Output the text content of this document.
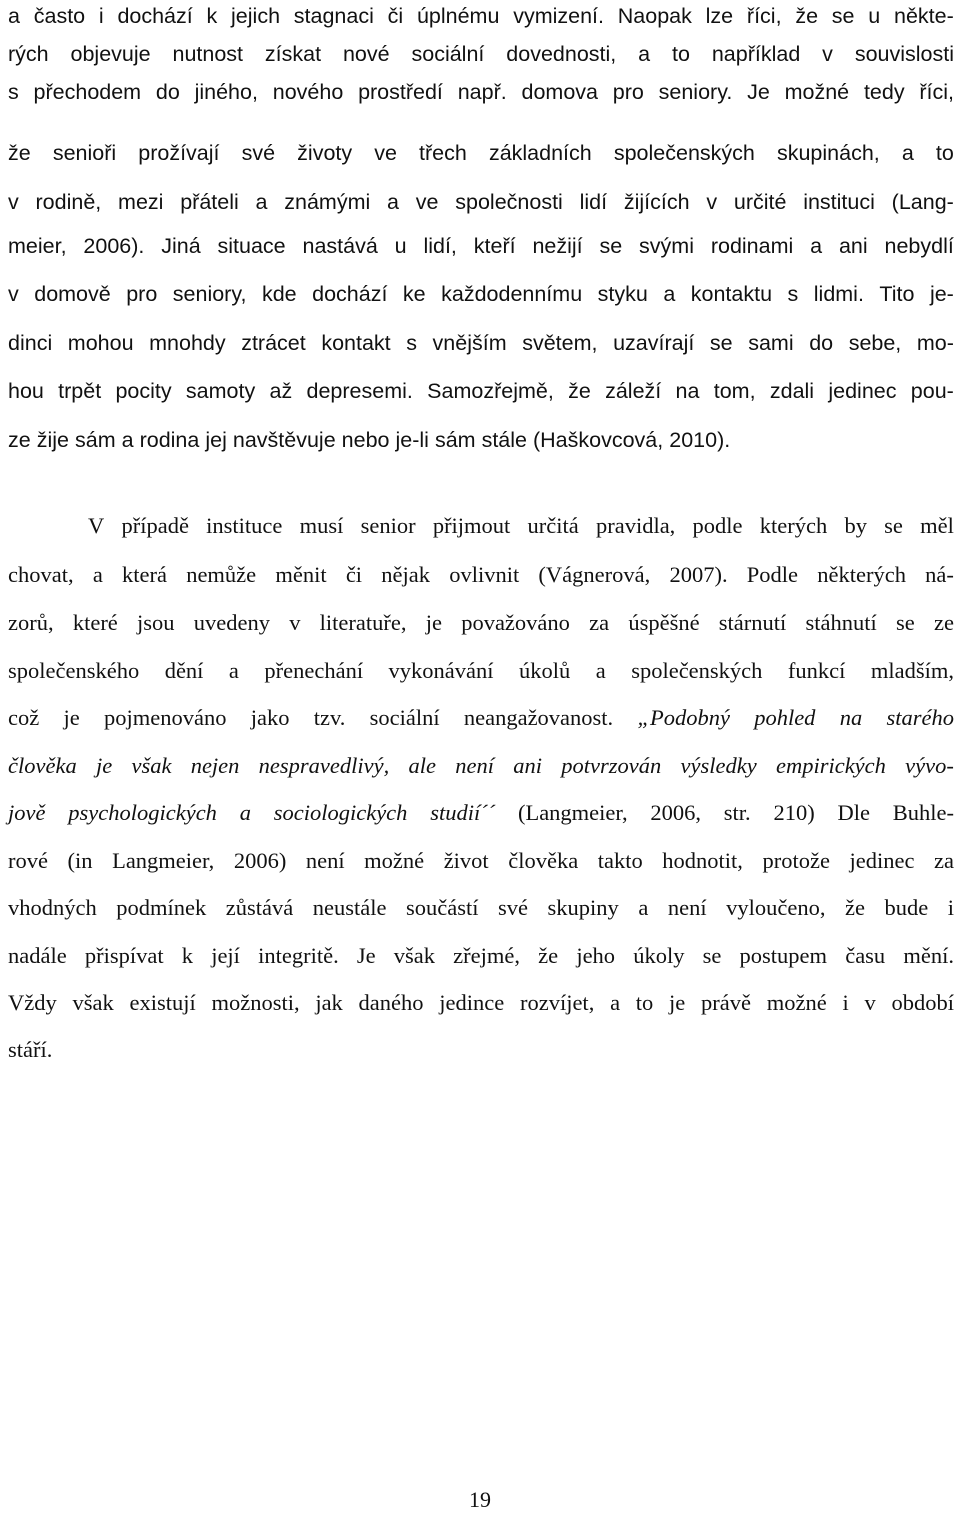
a často i dochází k jejich stagnaci či úplnému vymizení. Naopak lze říci, že se u někte-
rých objevuje nutnost získat nové sociální dovednosti, a to například v souvislosti
s přechodem do jiného, nového prostředí např. domova pro seniory. Je možné tedy říci,
že senioři prožívají své životy ve třech základních společenských skupinách, a to
v rodině, mezi přáteli a známými a ve společnosti lidí žijících v určité instituci (Lang-
meier, 2006). Jiná situace nastává u lidí, kteří nežijí se svými rodinami a ani nebydlí
v domově pro seniory, kde dochází ke každodennímu styku a kontaktu s lidmi. Tito je-
dinci mohou mnohdy ztrácet kontakt s vnějším světem, uzavírají se sami do sebe, mo-
hou trpět pocity samoty až depresemi. Samozřejmě, že záleží na tom, zdali jedinec pou-
ze žije sám a rodina jej navštěvuje nebo je-li sám stále (Haškovcová, 2010).
V případě instituce musí senior přijmout určitá pravidla, podle kterých by se měl
chovat, a která nemůže měnit či nějak ovlivnit (Vágnerová, 2007). Podle některých ná-
zorů, které jsou uvedeny v literatuře, je považováno za úspěšné stárnutí stáhnutí se ze
společenského dění a přenechání vykonávání úkolů a společenských funkcí mladším,
což je pojmenováno jako tzv. sociální neangažovanost. „Podobný pohled na starého
člověka je však nejen nespravedlivý, ale není ani potvrzován výsledky empirických vývo-
jově psychologických a sociologických studií´´ (Langmeier, 2006, str. 210) Dle Buhle-
rové (in Langmeier, 2006) není možné život člověka takto hodnotit, protože jedinec za
vhodných podmínek zůstává neustále součástí své skupiny a není vyloučeno, že bude i
nadále přispívat k její integritě. Je však zřejmé, že jeho úkoly se postupem času mění.
Vždy však existují možnosti, jak daného jedince rozvíjet, a to je právě možné i v období
stáří.
19
